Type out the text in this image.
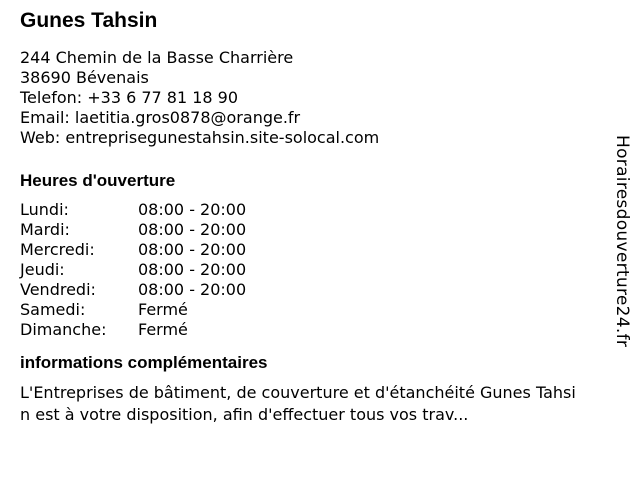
Gunes Tahsin
244 Chemin de la Basse Charrière
38690 Bévenais
Telefon: +33 6 77 81 18 90
Email: laetitia.gros0878@orange.fr
Web: entreprisegunestahsin.site-solocal.com
Heures d'ouverture
Lundi:	08:00 - 20:00
Mardi:	08:00 - 20:00
Mercredi:	08:00 - 20:00
Jeudi:	08:00 - 20:00
Vendredi:	08:00 - 20:00
Samedi:	Fermé
Dimanche:	Fermé
informations complémentaires
L'Entreprises de bâtiment, de couverture et d'étanchéité Gunes Tahsin est à votre disposition, afin d'effectuer tous vos trav...
Horairesdouverture24.fr
